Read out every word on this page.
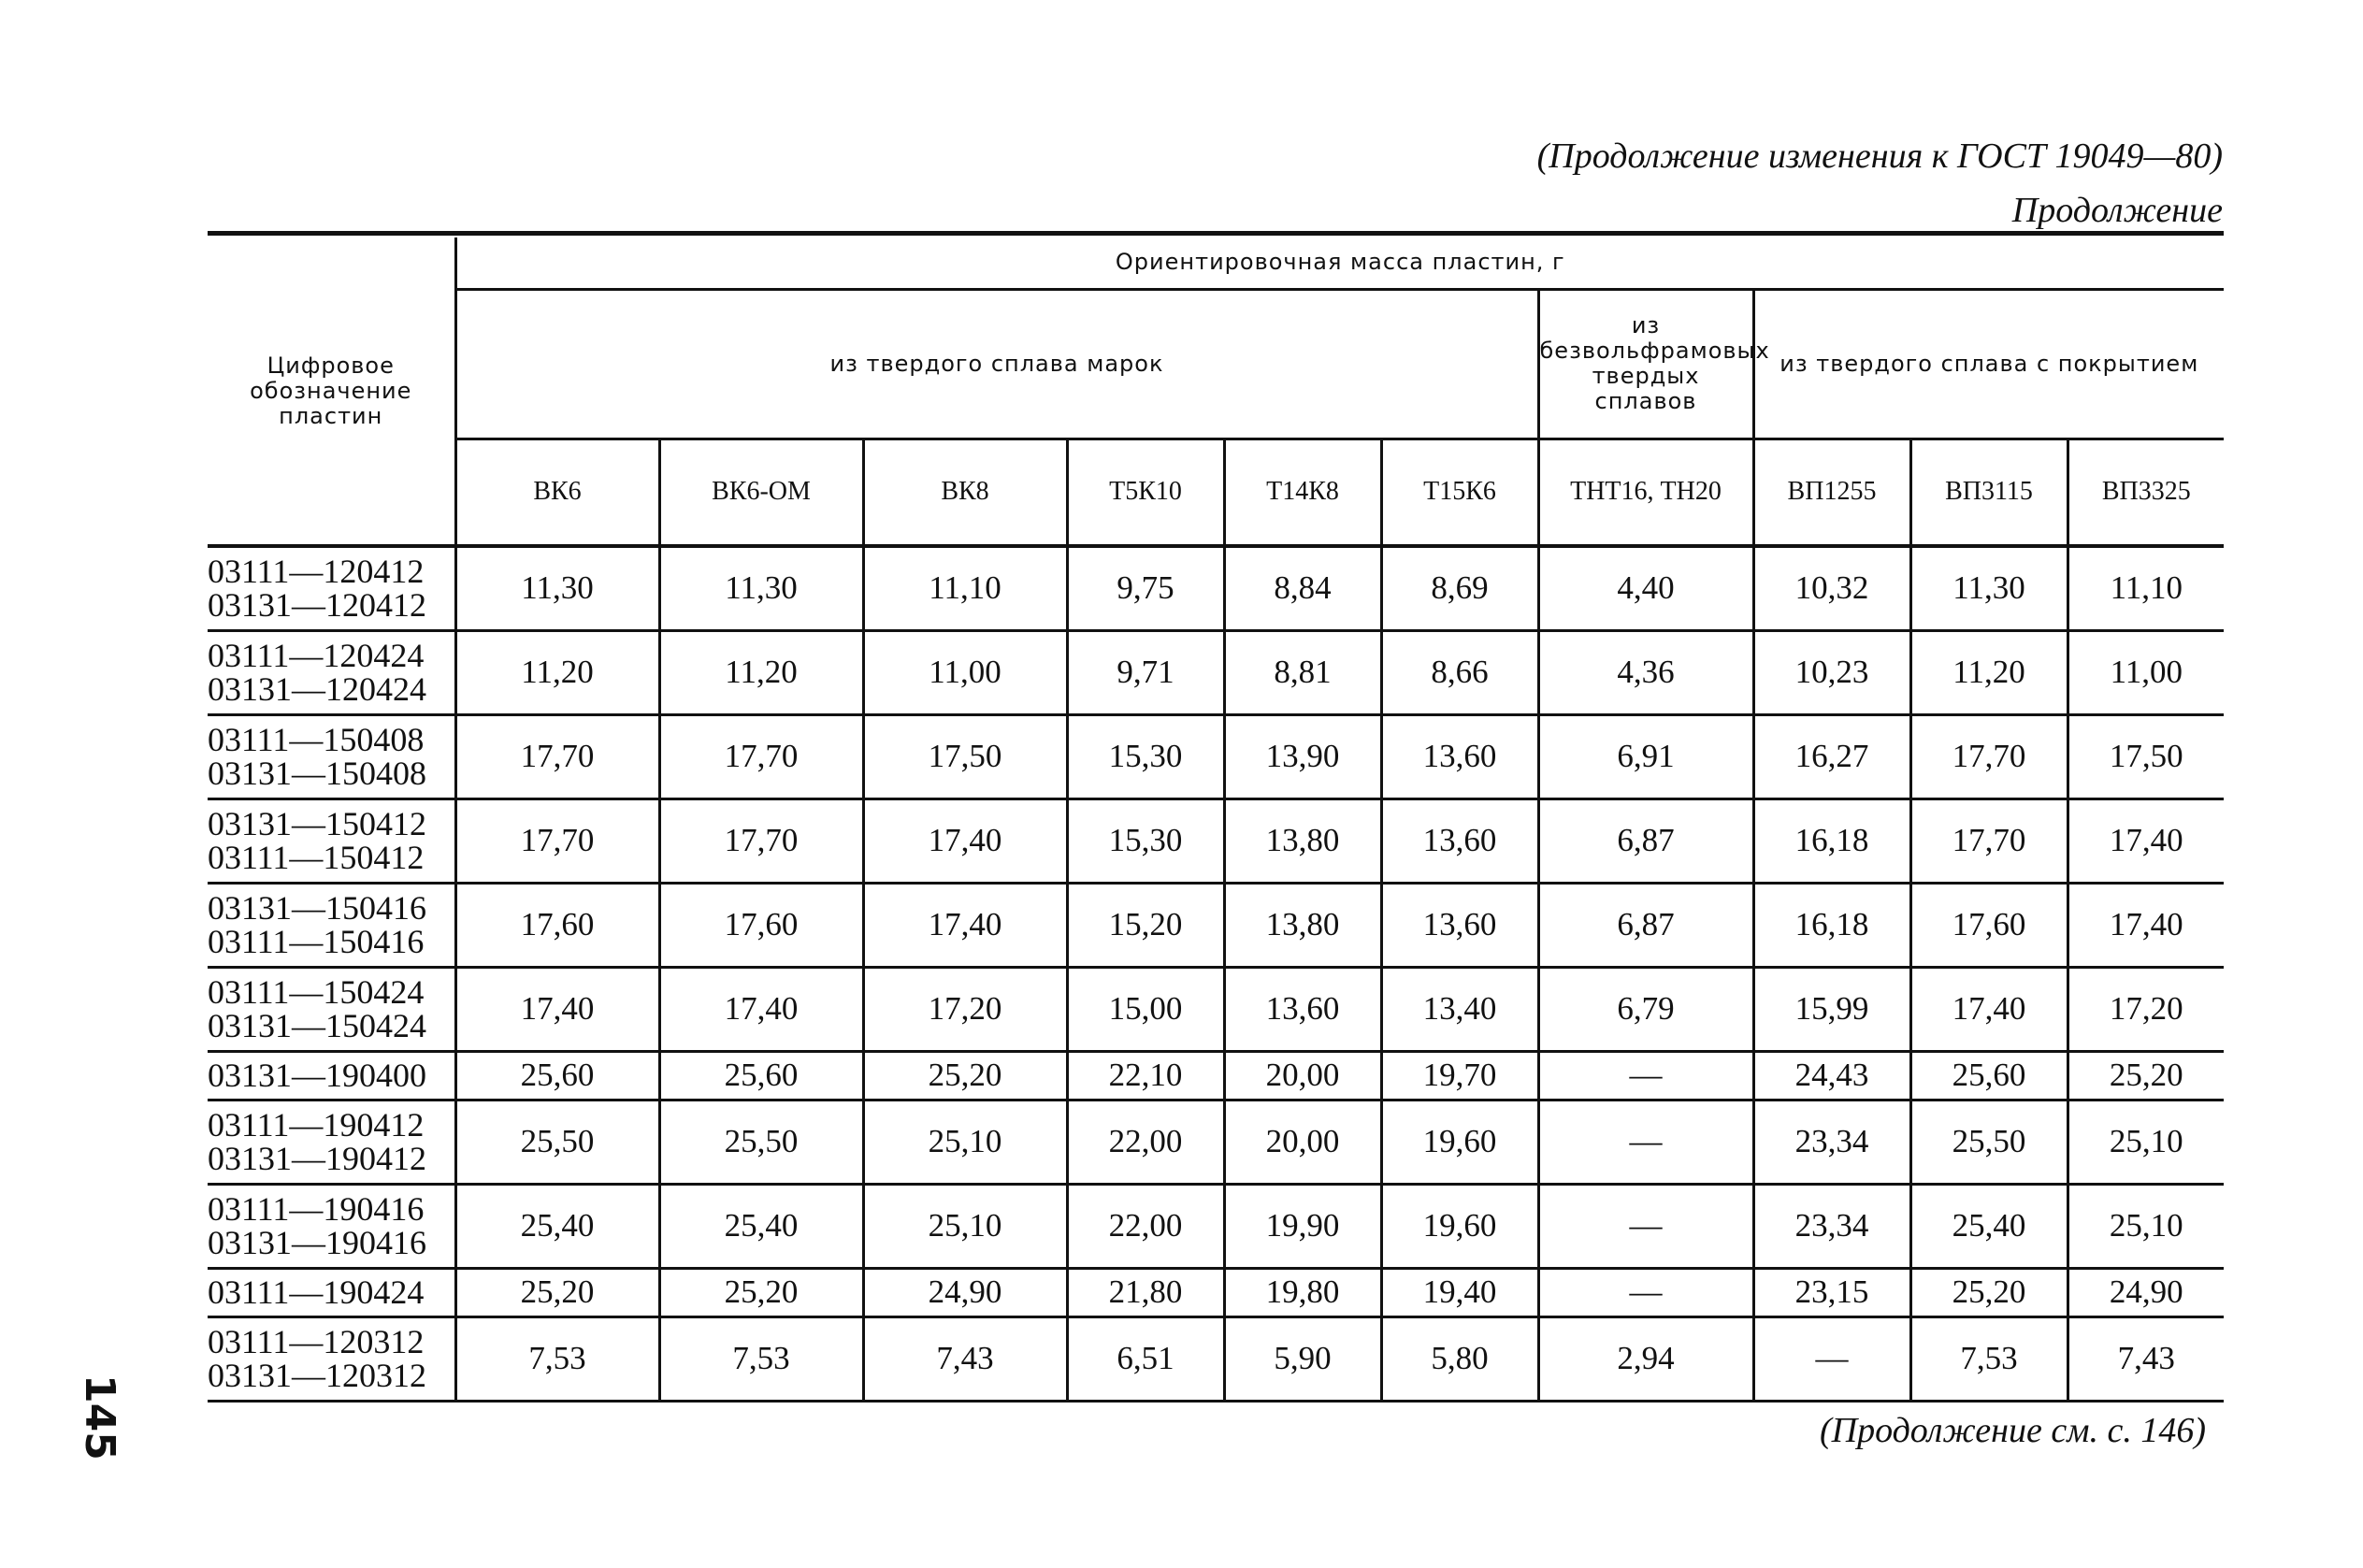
(Продолжение изменения к ГОСТ 19049—80)
Продолжение
Цифровое обозначение пластин	Ориентировочная масса пластин, г									
	из твердого сплава марок						из безвольфрамовых твердых сплавов	из твердого сплава с покрытием		
	ВК6	ВК6-ОМ	ВК8	Т5К10	Т14К8	Т15К6	ТНТ16, ТН20	ВП1255	ВП3115	ВП3325

03111—120412
03131—120412	11,30	11,30	11,10	9,75	8,84	8,69	4,40	10,32	11,30	11,10

03111—120424
03131—120424	11,20	11,20	11,00	9,71	8,81	8,66	4,36	10,23	11,20	11,00

03111—150408
03131—150408	17,70	17,70	17,50	15,30	13,90	13,60	6,91	16,27	17,70	17,50

03131—150412
03111—150412	17,70	17,70	17,40	15,30	13,80	13,60	6,87	16,18	17,70	17,40

03131—150416
03111—150416	17,60	17,60	17,40	15,20	13,80	13,60	6,87	16,18	17,60	17,40

03111—150424
03131—150424	17,40	17,40	17,20	15,00	13,60	13,40	6,79	15,99	17,40	17,20

03131—190400	25,60	25,60	25,20	22,10	20,00	19,70	—	24,43	25,60	25,20

03111—190412
03131—190412	25,50	25,50	25,10	22,00	20,00	19,60	—	23,34	25,50	25,10

03111—190416
03131—190416	25,40	25,40	25,10	22,00	19,90	19,60	—	23,34	25,40	25,10

03111—190424	25,20	25,20	24,90	21,80	19,80	19,40	—	23,15	25,20	24,90

03111—120312
03131—120312	7,53	7,53	7,43	6,51	5,90	5,80	2,94	—	7,53	7,43
(Продолжение см. с. 146)
145
